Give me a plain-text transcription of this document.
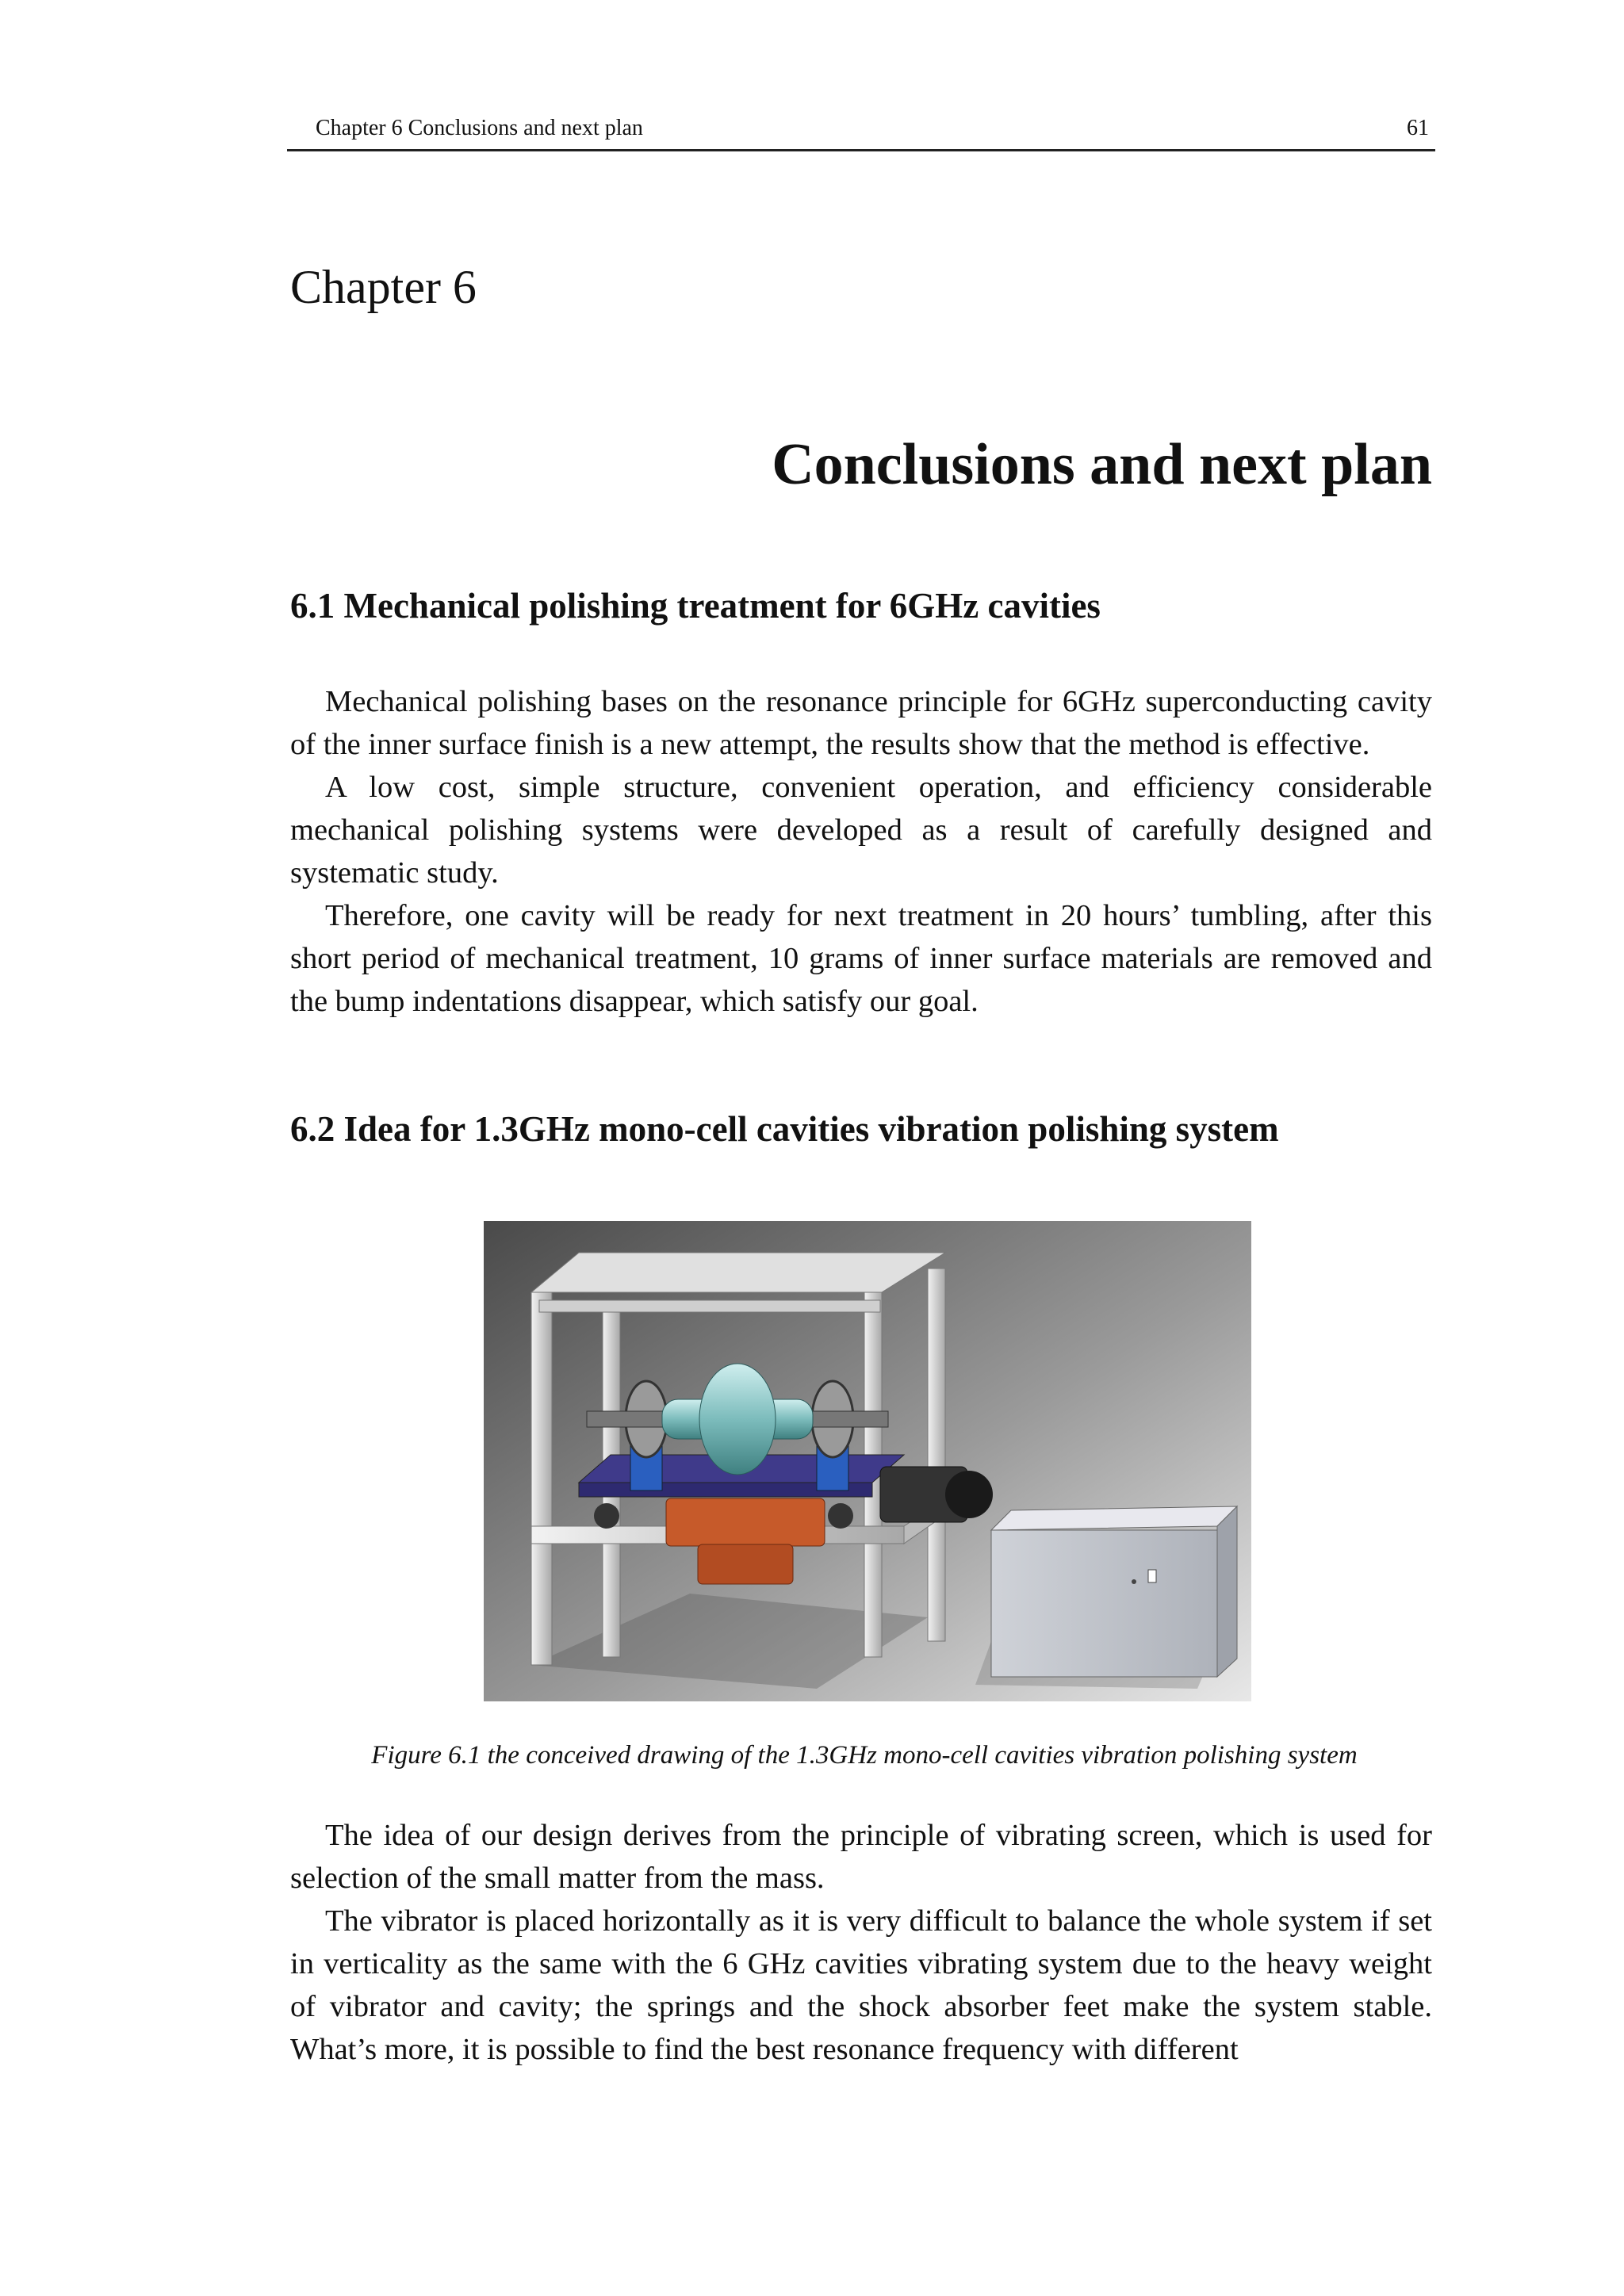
Chapter 6 Conclusions and next plan	61
Chapter 6
Conclusions and next plan
6.1 Mechanical polishing treatment for 6GHz cavities

Mechanical polishing bases on the resonance principle for 6GHz superconducting cavity of the inner surface finish is a new attempt, the results show that the method is effective.

A low cost, simple structure, convenient operation, and efficiency considerable mechanical polishing systems were developed as a result of carefully designed and systematic study.

Therefore, one cavity will be ready for next treatment in 20 hours’ tumbling, after this short period of mechanical treatment, 10 grams of inner surface materials are removed and the bump indentations disappear, which satisfy our goal.

6.2 Idea for 1.3GHz mono-cell cavities vibration polishing system

Figure 6.1 the conceived drawing of the 1.3GHz mono-cell cavities vibration polishing system

The idea of our design derives from the principle of vibrating screen, which is used for selection of the small matter from the mass.

The vibrator is placed horizontally as it is very difficult to balance the whole system if set in verticality as the same with the 6 GHz cavities vibrating system due to the heavy weight of vibrator and cavity; the springs and the shock absorber feet make the system stable. What’s more, it is possible to find the best resonance frequency with different
